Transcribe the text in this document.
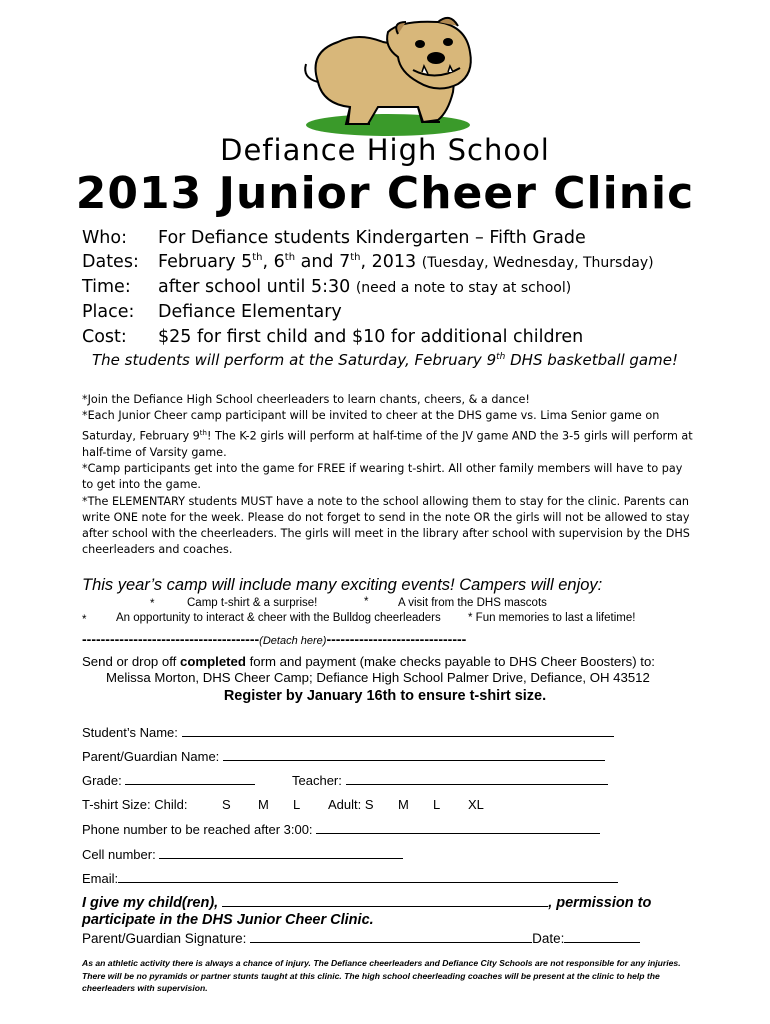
Defiance High School
2013 Junior Cheer Clinic
Who: For Defiance students Kindergarten – Fifth Grade
Dates: February 5th, 6th and 7th, 2013 (Tuesday, Wednesday, Thursday)
Time: after school until 5:30 (need a note to stay at school)
Place: Defiance Elementary
Cost: $25 for first child and $10 for additional children
The students will perform at the Saturday, February 9th DHS basketball game!

*Join the Defiance High School cheerleaders to learn chants, cheers, & a dance!

*Each Junior Cheer camp participant will be invited to cheer at the DHS game vs. Lima Senior game on Saturday, February 9th! The K-2 girls will perform at half-time of the JV game AND the 3-5 girls will perform at half-time of Varsity game.

*Camp participants get into the game for FREE if wearing t-shirt. All other family members will have to pay to get into the game.

*The ELEMENTARY students MUST have a note to the school allowing them to stay for the clinic. Parents can write ONE note for the week. Please do not forget to send in the note OR the girls will not be allowed to stay after school with the cheerleaders. The girls will meet in the library after school with supervision by the DHS cheerleaders and coaches.

This year’s camp will include many exciting events! Campers will enjoy:
*	Camp t-shirt & a surprise!	*	A visit from the DHS mascots
*	An opportunity to interact & cheer with the Bulldog cheerleaders * Fun memories to last a lifetime!
--------------------------------------(Detach here)------------------------------
Send or drop off completed form and payment (make checks payable to DHS Cheer Boosters) to:
Melissa Morton, DHS Cheer Camp; Defiance High School Palmer Drive, Defiance, OH 43512
Register by January 16th to ensure t-shirt size.
Student’s Name:
Parent/Guardian Name:
Grade:	Teacher:
T-shirt Size: Child:	S M L Adult: S M L XL
Phone number to be reached after 3:00:
Cell number:
Email:
I give my child(ren),	, permission to
participate in the DHS Junior Cheer Clinic.
Parent/Guardian Signature:	Date:
As an athletic activity there is always a chance of injury. The Defiance cheerleaders and Defiance City Schools are not responsible for any injuries. There will be no pyramids or partner stunts taught at this clinic. The high school cheerleading coaches will be present at the clinic to help the cheerleaders with supervision.
